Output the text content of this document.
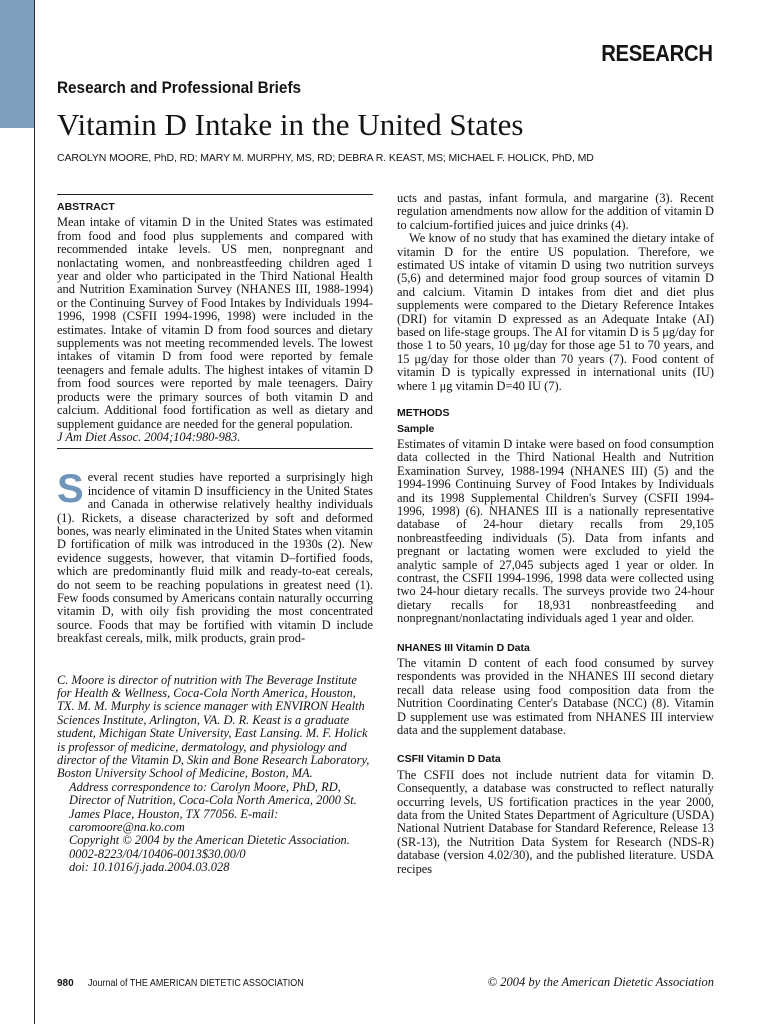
RESEARCH
Research and Professional Briefs
Vitamin D Intake in the United States
CAROLYN MOORE, PhD, RD; MARY M. MURPHY, MS, RD; DEBRA R. KEAST, MS; MICHAEL F. HOLICK, PhD, MD
ABSTRACT

Mean intake of vitamin D in the United States was estimated from food and food plus supplements and compared with recommended intake levels. US men, nonpregnant and nonlactating women, and nonbreastfeeding children aged 1 year and older who participated in the Third National Health and Nutrition Examination Survey (NHANES III, 1988-1994) or the Continuing Survey of Food Intakes by Individuals 1994-1996, 1998 (CSFII 1994-1996, 1998) were included in the estimates. Intake of vitamin D from food sources and dietary supplements was not meeting recommended levels. The lowest intakes of vitamin D from food were reported by female teenagers and female adults. The highest intakes of vitamin D from food sources were reported by male teenagers. Dairy products were the primary sources of both vitamin D and calcium. Additional food fortification as well as dietary and supplement guidance are needed for the general population.

J Am Diet Assoc. 2004;104:980-983.

S everal recent studies have reported a surprisingly high incidence of vitamin D insufficiency in the United States and Canada in otherwise relatively healthy individuals (1). Rickets, a disease characterized by soft and deformed bones, was nearly eliminated in the United States when vitamin D fortification of milk was introduced in the 1930s (2). New evidence suggests, however, that vitamin D–fortified foods, which are predominantly fluid milk and ready-to-eat cereals, do not seem to be reaching populations in greatest need (1). Few foods consumed by Americans contain naturally occurring vitamin D, with oily fish providing the most concentrated source. Foods that may be fortified with vitamin D include breakfast cereals, milk, milk products, grain prod-

C. Moore is director of nutrition with The Beverage Institute for Health & Wellness, Coca-Cola North America, Houston, TX. M. M. Murphy is science manager with ENVIRON Health Sciences Institute, Arlington, VA. D. R. Keast is a graduate student, Michigan State University, East Lansing. M. F. Holick is professor of medicine, dermatology, and physiology and director of the Vitamin D, Skin and Bone Research Laboratory, Boston University School of Medicine, Boston, MA.

Address correspondence to: Carolyn Moore, PhD, RD, Director of Nutrition, Coca-Cola North America, 2000 St. James Place, Houston, TX 77056. E-mail: caromoore@na.ko.com

Copyright © 2004 by the American Dietetic Association.

0002-8223/04/10406-0013$30.00/0

doi: 10.1016/j.jada.2004.03.028

ucts and pastas, infant formula, and margarine (3). Recent regulation amendments now allow for the addition of vitamin D to calcium-fortified juices and juice drinks (4).

We know of no study that has examined the dietary intake of vitamin D for the entire US population. Therefore, we estimated US intake of vitamin D using two nutrition surveys (5,6) and determined major food group sources of vitamin D and calcium. Vitamin D intakes from diet and diet plus supplements were compared to the Dietary Reference Intakes (DRI) for vitamin D expressed as an Adequate Intake (AI) based on life-stage groups. The AI for vitamin D is 5 μg/day for those 1 to 50 years, 10 μg/day for those age 51 to 70 years, and 15 μg/day for those older than 70 years (7). Food content of vitamin D is typically expressed in international units (IU) where 1 μg vitamin D=40 IU (7).

METHODS
Sample

Estimates of vitamin D intake were based on food consumption data collected in the Third National Health and Nutrition Examination Survey, 1988-1994 (NHANES III) (5) and the 1994-1996 Continuing Survey of Food Intakes by Individuals and its 1998 Supplemental Children's Survey (CSFII 1994-1996, 1998) (6). NHANES III is a nationally representative database of 24-hour dietary recalls from 29,105 nonbreastfeeding individuals (5). Data from infants and pregnant or lactating women were excluded to yield the analytic sample of 27,045 subjects aged 1 year or older. In contrast, the CSFII 1994-1996, 1998 data were collected using two 24-hour dietary recalls. The surveys provide two 24-hour dietary recalls for 18,931 nonbreastfeeding and nonpregnant/nonlactating individuals aged 1 year and older.

NHANES III Vitamin D Data

The vitamin D content of each food consumed by survey respondents was provided in the NHANES III second dietary recall data release using food composition data from the Nutrition Coordinating Center's Database (NCC) (8). Vitamin D supplement use was estimated from NHANES III interview data and the supplement database.

CSFII Vitamin D Data

The CSFII does not include nutrient data for vitamin D. Consequently, a database was constructed to reflect naturally occurring levels, US fortification practices in the year 2000, data from the United States Department of Agriculture (USDA) National Nutrient Database for Standard Reference, Release 13 (SR-13), the Nutrition Data System for Research (NDS-R) database (version 4.02/30), and the published literature. USDA recipes

980 Journal of THE AMERICAN DIETETIC ASSOCIATION	© 2004 by the American Dietetic Association
